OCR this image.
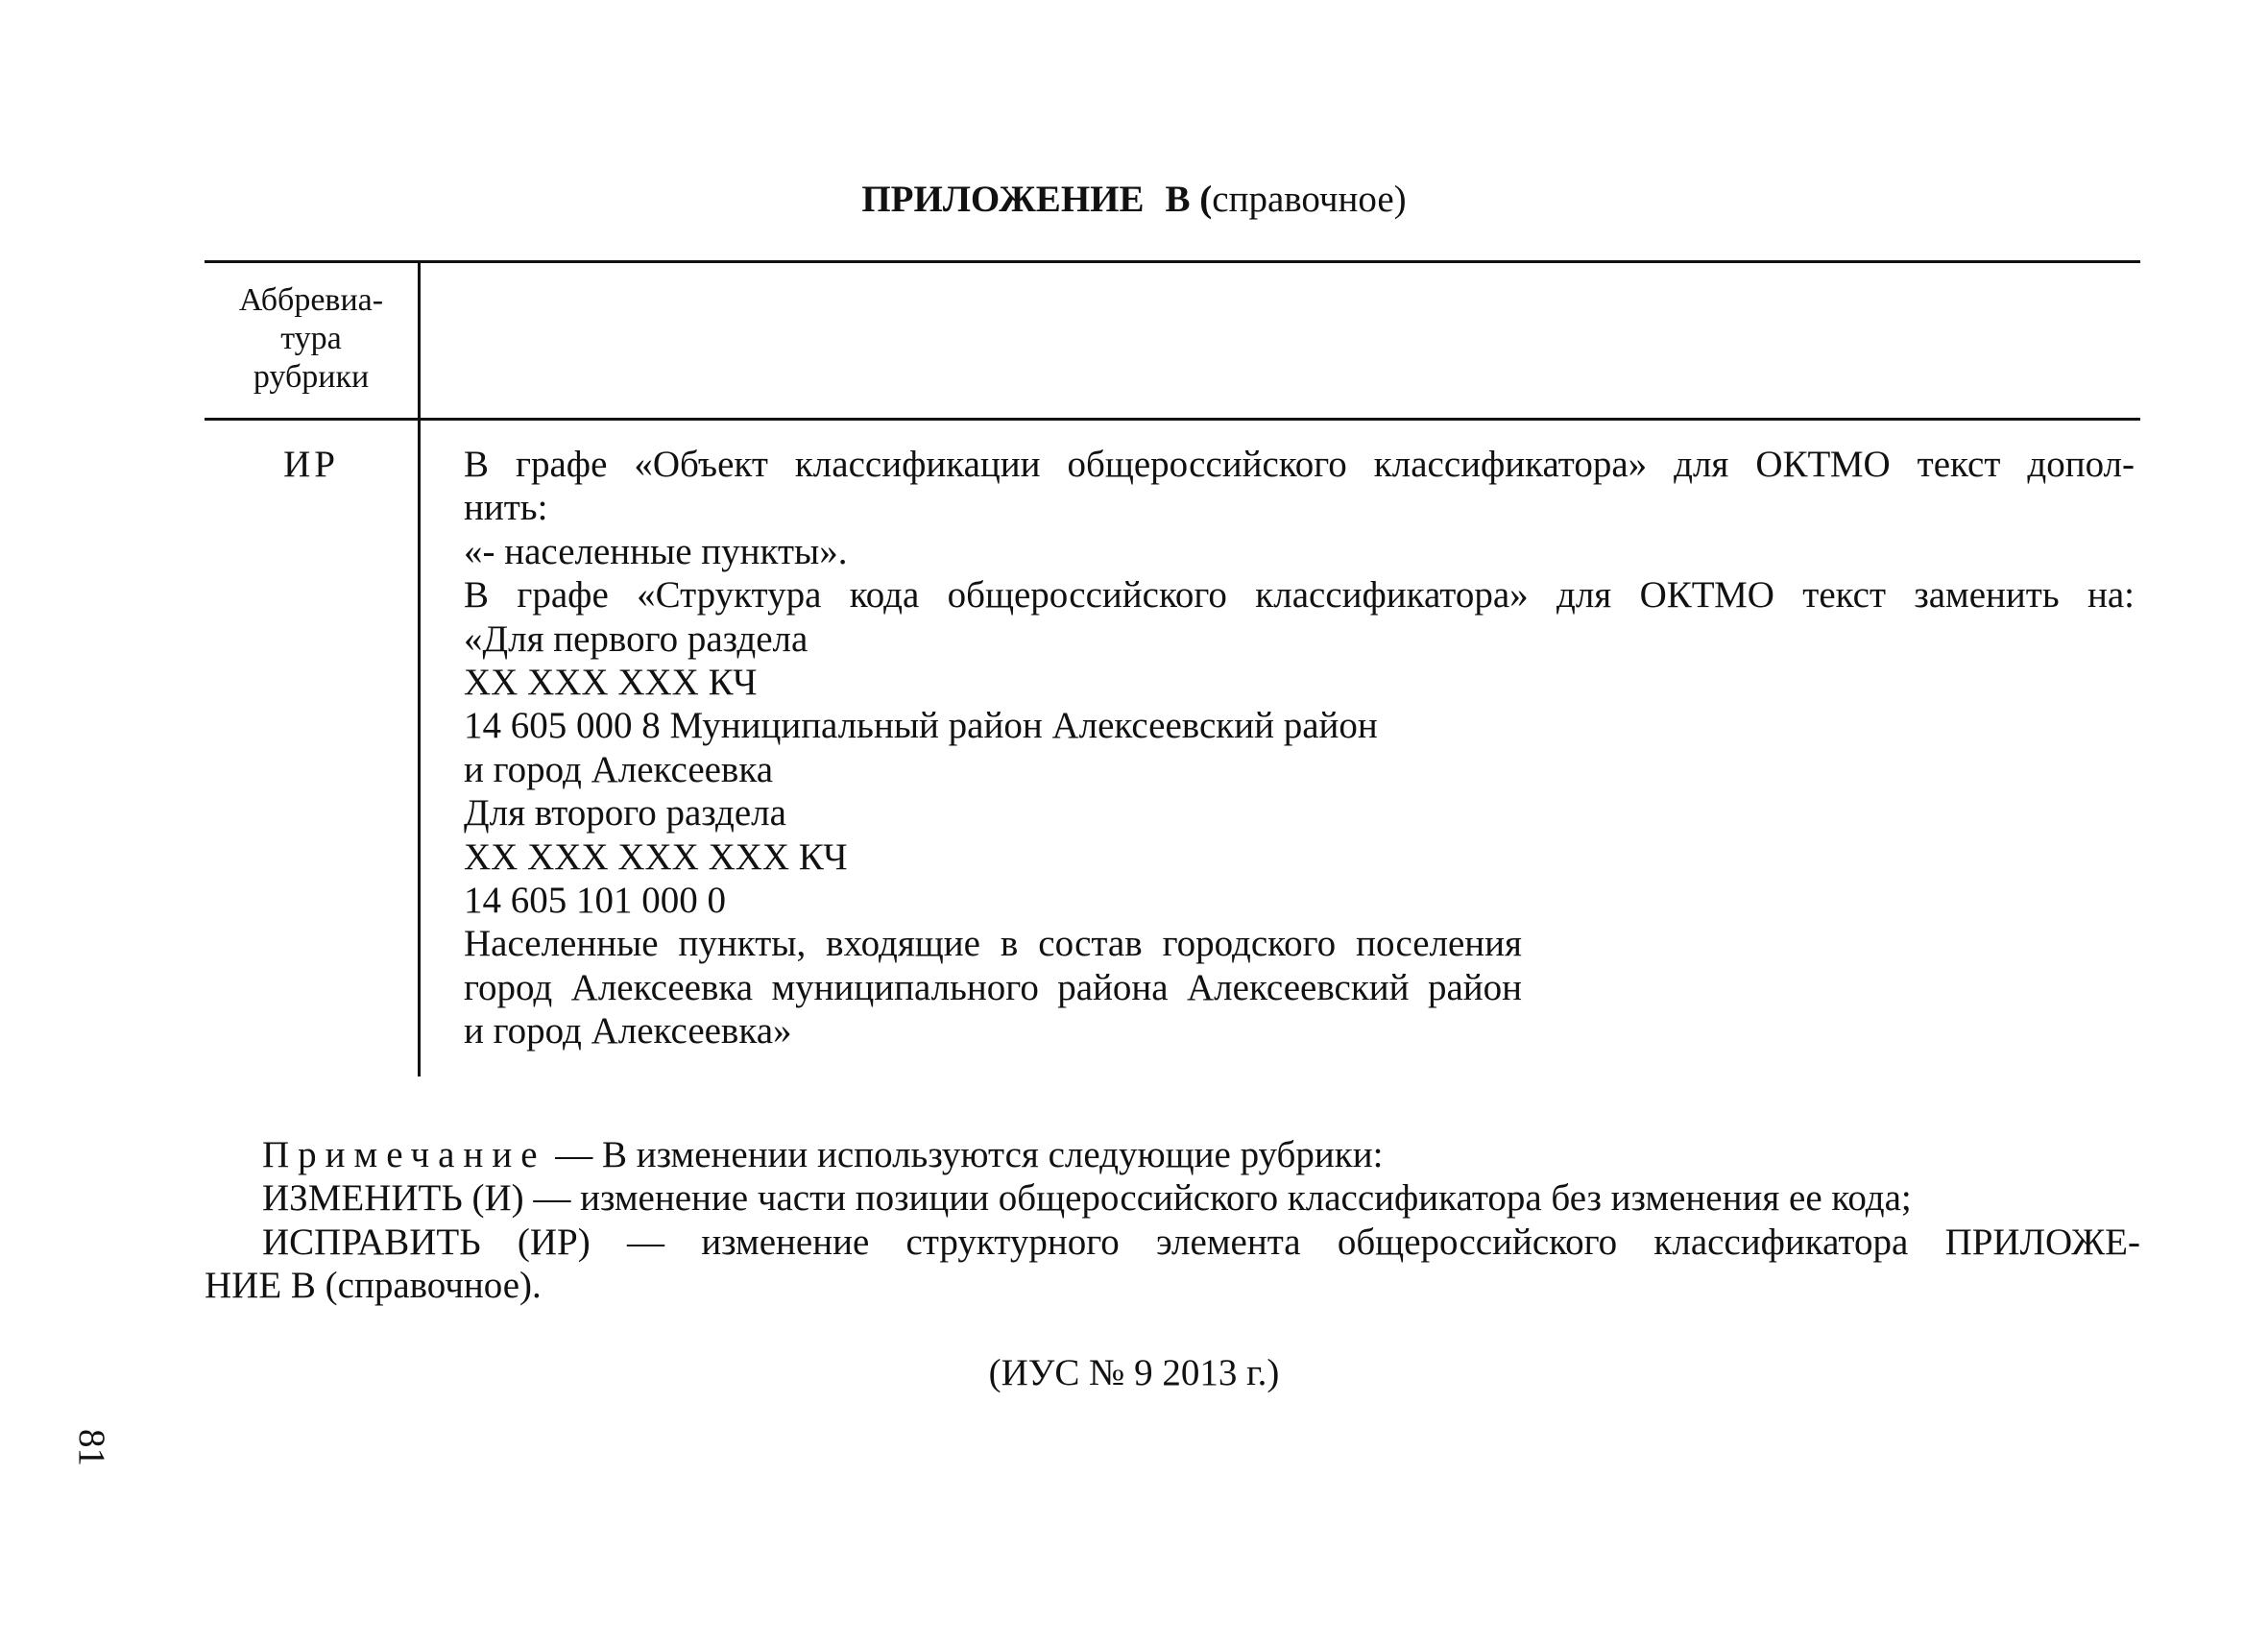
ПРИЛОЖЕНИЕ В (справочное)
Аббревиа-
тура
рубрики
ИР	В графе «Объект классификации общероссийского классификатора» для ОКТМО текст допол-
нить:
«- населенные пункты».
В графе «Структура кода общероссийского классификатора» для ОКТМО текст заменить на:
«Для первого раздела
ХХ ХХХ ХХХ КЧ
14 605 000 8 Муниципальный район Алексеевский район
и город Алексеевка
Для второго раздела
ХХ ХХХ ХХХ ХХХ КЧ
14 605 101 000 0
Населенные пункты, входящие в состав городского поселения
город Алексеевка муниципального района Алексеевский район
и город Алексеевка»
Примечание — В изменении используются следующие рубрики:
ИЗМЕНИТЬ (И) — изменение части позиции общероссийского классификатора без изменения ее кода;
ИСПРАВИТЬ (ИР) — изменение структурного элемента общероссийского классификатора ПРИЛОЖЕ-
НИЕ В (справочное).
(ИУС № 9 2013 г.)
81
